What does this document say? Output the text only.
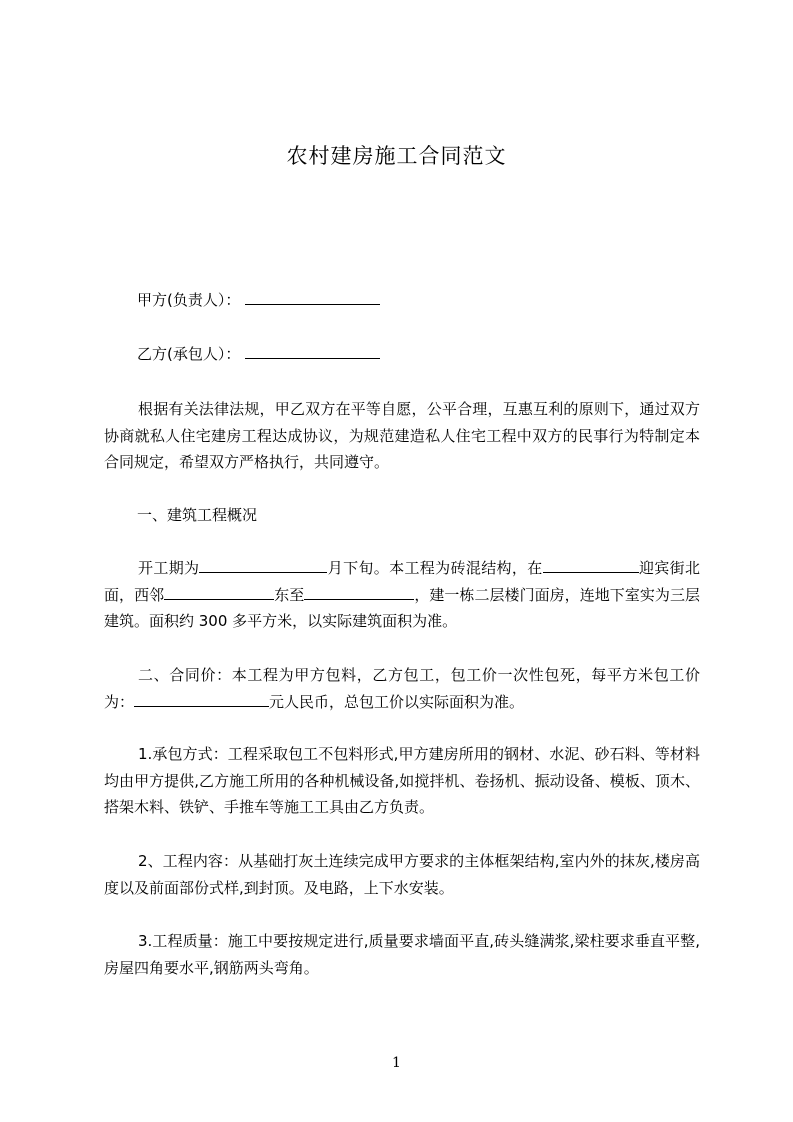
农村建房施工合同范文
甲方(负责人）：
乙方(承包人）：

根据有关法律法规，甲乙双方在平等自愿，公平合理，互惠互利的原则下，通过双方协商就私人住宅建房工程达成协议，为规范建造私人住宅工程中双方的民事行为特制定本合同规定，希望双方严格执行，共同遵守。

一、建筑工程概况

开工期为	月下旬。本工程为砖混结构，在	迎宾街北面，西邻	东至	，建一栋二层楼门面房，连地下室实为三层建筑。面积约 300 多平方米，以实际建筑面积为准。

二、合同价：本工程为甲方包料，乙方包工，包工价一次性包死，每平方米包工价为：	元人民币，总包工价以实际面积为准。

1.承包方式：工程采取包工不包料形式,甲方建房所用的钢材、水泥、砂石料、等材料均由甲方提供,乙方施工所用的各种机械设备,如搅拌机、卷扬机、振动设备、模板、顶木、搭架木料、铁铲、手推车等施工工具由乙方负责。

2、工程内容：从基础打灰土连续完成甲方要求的主体框架结构,室内外的抹灰,楼房高度以及前面部份式样,到封顶。及电路，上下水安装。

3.工程质量：施工中要按规定进行,质量要求墙面平直,砖头缝满浆,梁柱要求垂直平整,房屋四角要水平,钢筋两头弯角。

1
